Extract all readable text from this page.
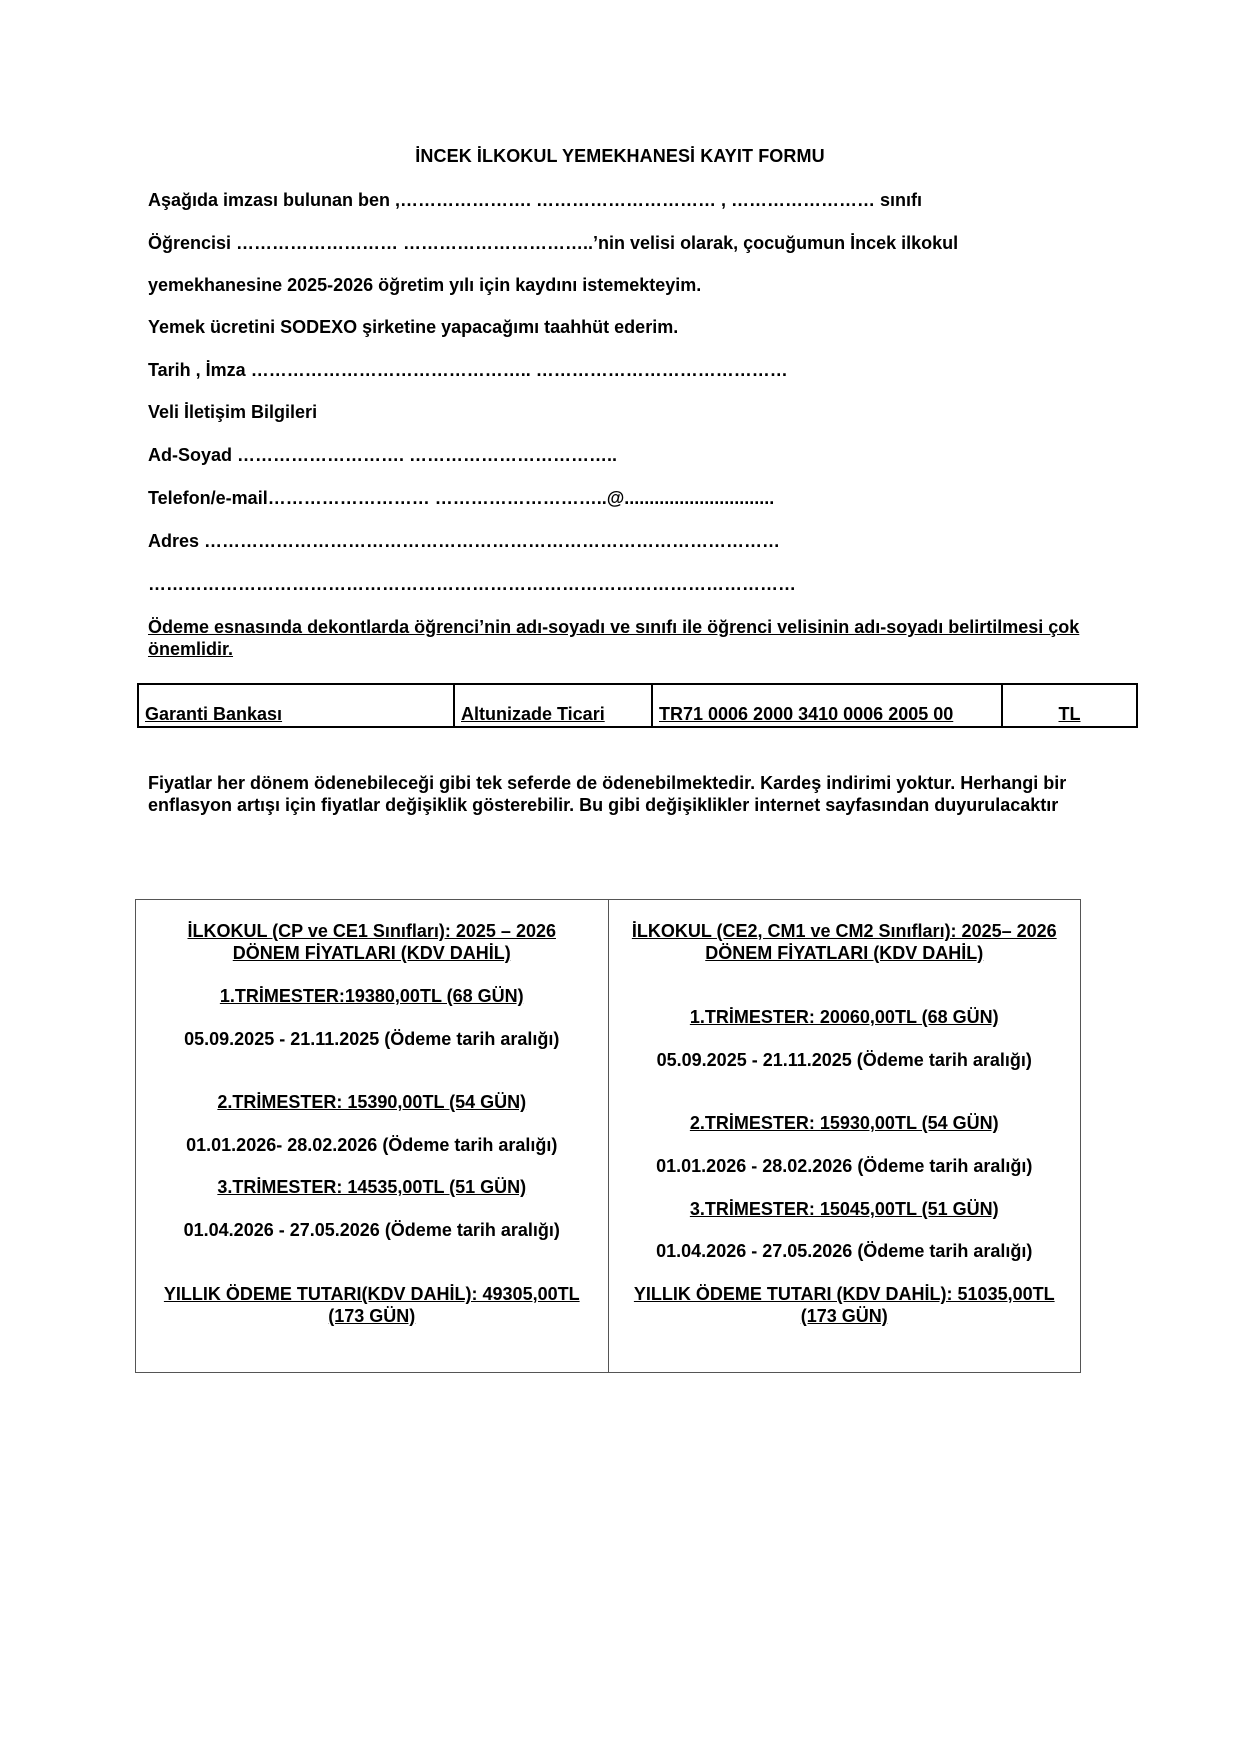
İNCEK İLKOKUL YEMEKHANESİ KAYIT FORMU
Aşağıda imzası bulunan ben ,…………………. ………………………… , …………………… sınıfı
Öğrencisi ……………………… …………………………..’nin velisi olarak, çocuğumun İncek ilkokul
yemekhanesine 2025-2026 öğretim yılı için kaydını istemekteyim.
Yemek ücretini SODEXO şirketine yapacağımı taahhüt ederim.
Tarih , İmza ……………………………………….. ……………………………………
Veli İletişim Bilgileri
Ad-Soyad ………………………. ……………………………..
Telefon/e-mail……………………… ………………………..@..............................
Adres ……………………………………………………………………………………
………………………………………………………………………………………………
Ödeme esnasında dekontlarda öğrenci’nin adı-soyadı ve sınıfı ile öğrenci velisinin adı-soyadı belirtilmesi çok önemlidir.
Garanti Bankası	Altunizade Ticari	TR71 0006 2000 3410 0006 2005 00	TL
Fiyatlar her dönem ödenebileceği gibi tek seferde de ödenebilmektedir. Kardeş indirimi yoktur. Herhangi bir enflasyon artışı için fiyatlar değişiklik gösterebilir. Bu gibi değişiklikler internet sayfasından duyurulacaktır
İLKOKUL (CP ve CE1 Sınıfları): 2025 – 2026
DÖNEM FİYATLARI (KDV DAHİL)
1.TRİMESTER:19380,00TL (68 GÜN)
05.09.2025 - 21.11.2025 (Ödeme tarih aralığı)
2.TRİMESTER: 15390,00TL (54 GÜN)
01.01.2026- 28.02.2026 (Ödeme tarih aralığı)
3.TRİMESTER: 14535,00TL (51 GÜN)
01.04.2026 - 27.05.2026 (Ödeme tarih aralığı)
YILLIK ÖDEME TUTARI(KDV DAHİL): 49305,00TL
(173 GÜN)

İLKOKUL (CE2, CM1 ve CM2 Sınıfları): 2025– 2026
DÖNEM FİYATLARI (KDV DAHİL)
1.TRİMESTER: 20060,00TL (68 GÜN)
05.09.2025 - 21.11.2025 (Ödeme tarih aralığı)
2.TRİMESTER: 15930,00TL (54 GÜN)
01.01.2026 - 28.02.2026 (Ödeme tarih aralığı)
3.TRİMESTER: 15045,00TL (51 GÜN)
01.04.2026 - 27.05.2026 (Ödeme tarih aralığı)
YILLIK ÖDEME TUTARI (KDV DAHİL): 51035,00TL
(173 GÜN)
